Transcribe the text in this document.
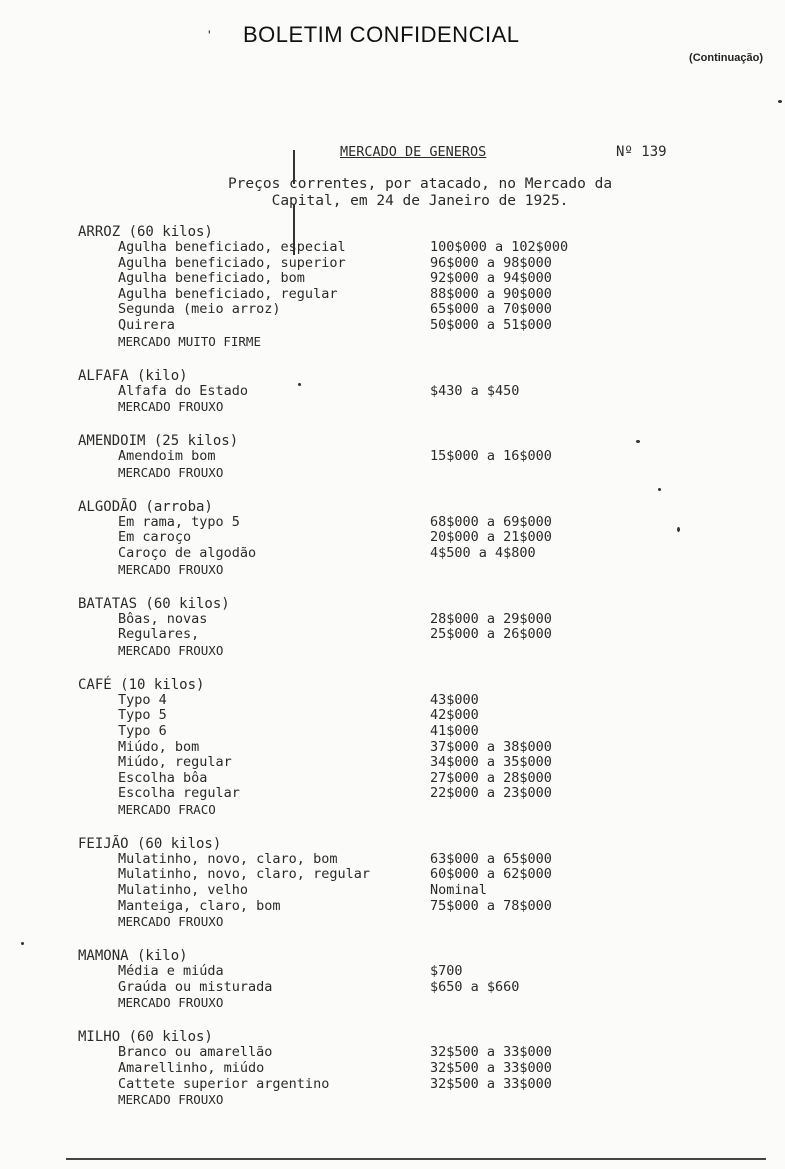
' BOLETIM CONFIDENCIAL
(Continuação)
MERCADO DE GENEROS	Nº 139
Preços correntes, por atacado, no Mercado da
Capital, em 24 de Janeiro de 1925.
ARROZ (60 kilos)
Agulha beneficiado, especial	100$000 a 102$000
Agulha beneficiado, superior	96$000 a 98$000
Agulha beneficiado, bom	92$000 a 94$000
Agulha beneficiado, regular	88$000 a 90$000
Segunda (meio arroz)	65$000 a 70$000
Quirera	50$000 a 51$000
MERCADO MUITO FIRME
ALFAFA (kilo)
Alfafa do Estado	$430 a $450
MERCADO FROUXO
AMENDOIM (25 kilos)
Amendoim bom	15$000 a 16$000
MERCADO FROUXO
ALGODÃO (arroba)
Em rama, typo 5	68$000 a 69$000
Em caroço	20$000 a 21$000
Caroço de algodão	4$500 a 4$800
MERCADO FROUXO
BATATAS (60 kilos)
Bôas, novas	28$000 a 29$000
Regulares,	25$000 a 26$000
MERCADO FROUXO
CAFÉ (10 kilos)
Typo 4	43$000
Typo 5	42$000
Typo 6	41$000
Miúdo, bom	37$000 a 38$000
Miúdo, regular	34$000 a 35$000
Escolha bôa	27$000 a 28$000
Escolha regular	22$000 a 23$000
MERCADO FRACO
FEIJÃO (60 kilos)
Mulatinho, novo, claro, bom	63$000 a 65$000
Mulatinho, novo, claro, regular	60$000 a 62$000
Mulatinho, velho	Nominal
Manteiga, claro, bom	75$000 a 78$000
MERCADO FROUXO
MAMONA (kilo)
Média e miúda	$700
Graúda ou misturada	$650 a $660
MERCADO FROUXO
MILHO (60 kilos)
Branco ou amarellão	32$500 a 33$000
Amarellinho, miúdo	32$500 a 33$000
Cattete superior argentino	32$500 a 33$000
MERCADO FROUXO
